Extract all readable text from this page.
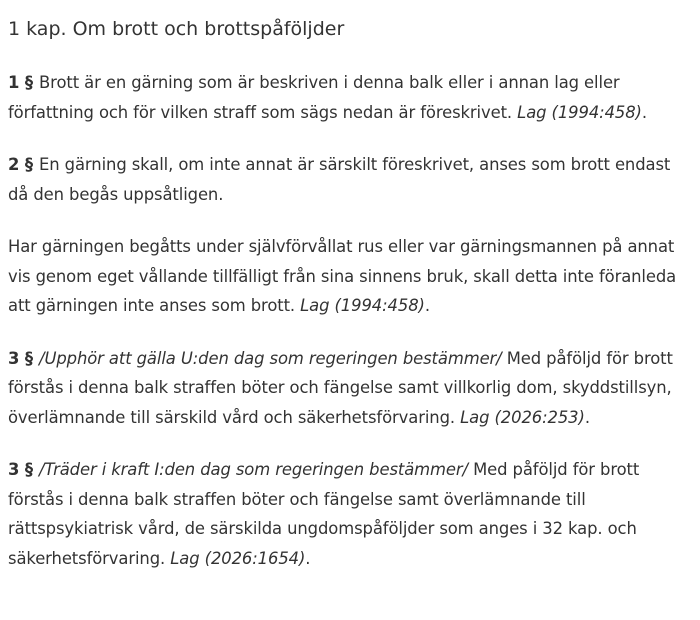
1 kap. Om brott och brottspåföljder

1 § Brott är en gärning som är beskriven i denna balk eller i annan lag eller författning och för vilken straff som sägs nedan är föreskrivet. Lag (1994:458).

2 § En gärning skall, om inte annat är särskilt föreskrivet, anses som brott endast då den begås uppsåtligen.

Har gärningen begåtts under självförvållat rus eller var gärningsmannen på annat vis genom eget vållande tillfälligt från sina sinnens bruk, skall detta inte föranleda att gärningen inte anses som brott. Lag (1994:458).

3 § /Upphör att gälla U:den dag som regeringen bestämmer/ Med påföljd för brott förstås i denna balk straffen böter och fängelse samt villkorlig dom, skyddstillsyn, överlämnande till särskild vård och säkerhetsförvaring. Lag (2026:253).

3 § /Träder i kraft I:den dag som regeringen bestämmer/ Med påföljd för brott förstås i denna balk straffen böter och fängelse samt överlämnande till rättspsykiatrisk vård, de särskilda ungdomspåföljder som anges i 32 kap. och säkerhetsförvaring. Lag (2026:1654).
